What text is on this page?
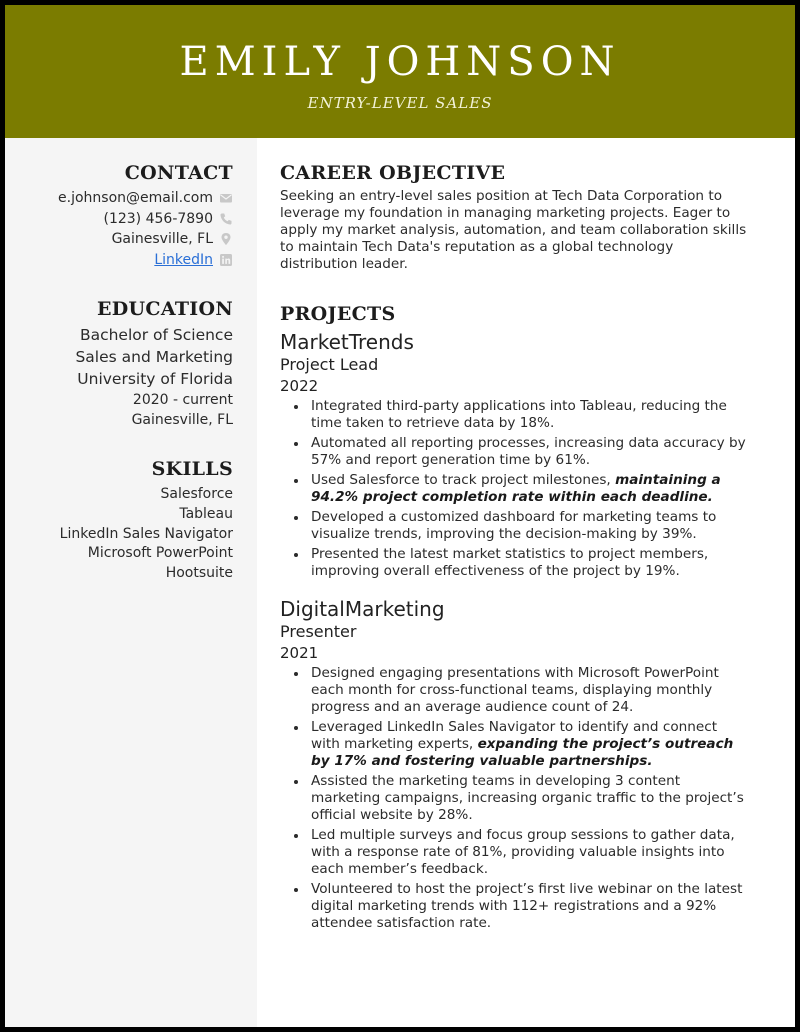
EMILY JOHNSON
ENTRY-LEVEL SALES
CONTACT
e.johnson@email.com
(123) 456-7890
Gainesville, FL
LinkedIn
EDUCATION
Bachelor of Science
Sales and Marketing
University of Florida
2020 - current
Gainesville, FL
SKILLS
Salesforce
Tableau
LinkedIn Sales Navigator
Microsoft PowerPoint
Hootsuite
CAREER OBJECTIVE
Seeking an entry-level sales position at Tech Data Corporation to leverage my foundation in managing marketing projects. Eager to apply my market analysis, automation, and team collaboration skills to maintain Tech Data's reputation as a global technology distribution leader.
PROJECTS
MarketTrends
Project Lead
2022
Integrated third-party applications into Tableau, reducing the time taken to retrieve data by 18%.
Automated all reporting processes, increasing data accuracy by 57% and report generation time by 61%.
Used Salesforce to track project milestones, maintaining a 94.2% project completion rate within each deadline.
Developed a customized dashboard for marketing teams to visualize trends, improving the decision-making by 39%.
Presented the latest market statistics to project members, improving overall effectiveness of the project by 19%.
DigitalMarketing
Presenter
2021
Designed engaging presentations with Microsoft PowerPoint each month for cross-functional teams, displaying monthly progress and an average audience count of 24.
Leveraged LinkedIn Sales Navigator to identify and connect with marketing experts, expanding the project’s outreach by 17% and fostering valuable partnerships.
Assisted the marketing teams in developing 3 content marketing campaigns, increasing organic traffic to the project’s official website by 28%.
Led multiple surveys and focus group sessions to gather data, with a response rate of 81%, providing valuable insights into each member’s feedback.
Volunteered to host the project’s first live webinar on the latest digital marketing trends with 112+ registrations and a 92% attendee satisfaction rate.
